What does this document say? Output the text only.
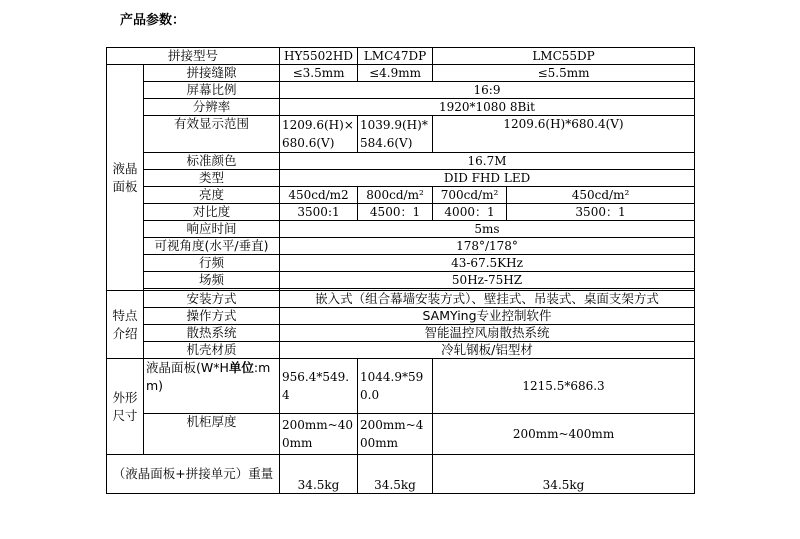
产品参数：
拼接型号		HY5502HD	LMC47DP	LMC55DP	
液晶面板	拼接缝隙	≤3.5mm	≤4.9mm	≤5.5mm	
	屏幕比例	16:9			
	分辨率	1920*1080 8Bit			
	有效显示范围	1209.6(H)×680.6(V)	1039.9(H)*584.6(V)	1209.6(H)*680.4(V)	
	标准颜色	16.7M			
	类型	DID FHD LED			
	亮度	450cd/m2	800cd/m²	700cd/m²	450cd/m²
	对比度	3500:1	4500：1	4000：1	3500：1
	响应时间	5ms			
	可视角度(水平/垂直)	178°/178°			
	行频	43-67.5KHz			
	场频	50Hz-75HZ			

特点介绍	安装方式	嵌入式（组合幕墙安装方式）、壁挂式、吊装式、桌面支架方式			
	操作方式	SAMYing专业控制软件			
	散热系统	智能温控风扇散热系统			
	机壳材质	冷轧钢板/铝型材			
外形尺寸	液晶面板(W*H单位:mm)	956.4*549.4	1044.9*590.0	1215.5*686.3	
	机柜厚度	200mm~400mm	200mm~400mm	200mm~400mm	
（液晶面板+拼接单元）重量		34.5kg	34.5kg	34.5kg	
